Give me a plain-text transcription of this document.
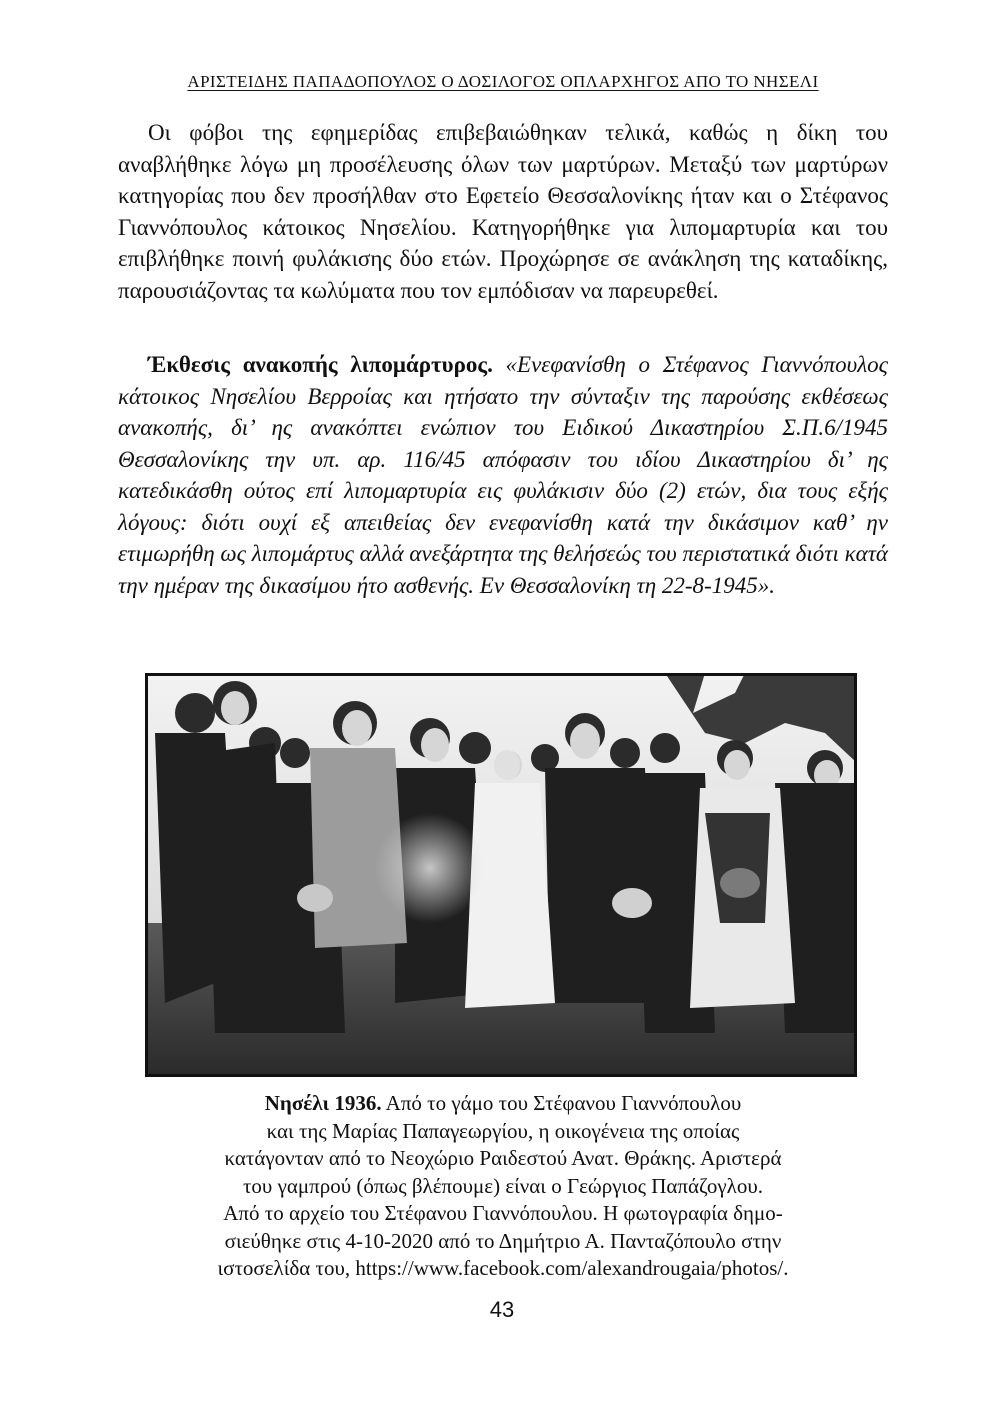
ΑΡΙΣΤΕΙΔΗΣ ΠΑΠΑΔΟΠΟΥΛΟΣ Ο ΔΟΣΙΛΟΓΟΣ ΟΠΛΑΡΧΗΓΟΣ ΑΠΟ ΤΟ ΝΗΣΕΛΙ

Οι φόβοι της εφημερίδας επιβεβαιώθηκαν τελικά, καθώς η δίκη του αναβλήθηκε λόγω μη προσέλευσης όλων των μαρτύρων. Μεταξύ των μαρτύρων κατηγορίας που δεν προσήλθαν στο Εφετείο Θεσσαλονίκης ήταν και ο Στέφανος Γιαννόπουλος κάτοικος Νησελίου. Κατηγορήθηκε για λιπομαρτυρία και του επιβλήθηκε ποινή φυλάκισης δύο ετών. Προχώρησε σε ανάκληση της καταδίκης, παρουσιάζοντας τα κωλύματα που τον εμπόδισαν να παρευρεθεί.

Έκθεσις ανακοπής λιπομάρτυρος. «Ενεφανίσθη ο Στέφανος Γιαννόπουλος κάτοικος Νησελίου Βερροίας και ητήσατο την σύνταξιν της παρούσης εκθέσεως ανακοπής, δι’ ης ανακόπτει ενώπιον του Ειδικού Δικαστηρίου Σ.Π.6/1945 Θεσσαλονίκης την υπ. αρ. 116/45 απόφασιν του ιδίου Δικαστηρίου δι’ ης κατεδικάσθη ούτος επί λιπομαρτυρία εις φυλάκισιν δύο (2) ετών, δια τους εξής λόγους: διότι ουχί εξ απειθείας δεν ενεφανίσθη κατά την δικάσιμον καθ’ ην ετιμωρήθη ως λιπομάρτυς αλλά ανεξάρτητα της θελήσεώς του περιστατικά διότι κατά την ημέραν της δικασίμου ήτο ασθενής. Εν Θεσσαλονίκη τη 22-8-1945».

Νησέλι 1936. Από το γάμο του Στέφανου Γιαννόπουλου
και της Μαρίας Παπαγεωργίου, η οικογένεια της οποίας
κατάγονταν από το Νεοχώριο Ραιδεστού Ανατ. Θράκης. Αριστερά
του γαμπρού (όπως βλέπουμε) είναι ο Γεώργιος Παπάζογλου.
Από το αρχείο του Στέφανου Γιαννόπουλου. Η φωτογραφία δημο-
σιεύθηκε στις 4-10-2020 από το Δημήτριο Α. Πανταζόπουλο στην
ιστοσελίδα του, https://www.facebook.com/alexandrougaia/photos/.

43
